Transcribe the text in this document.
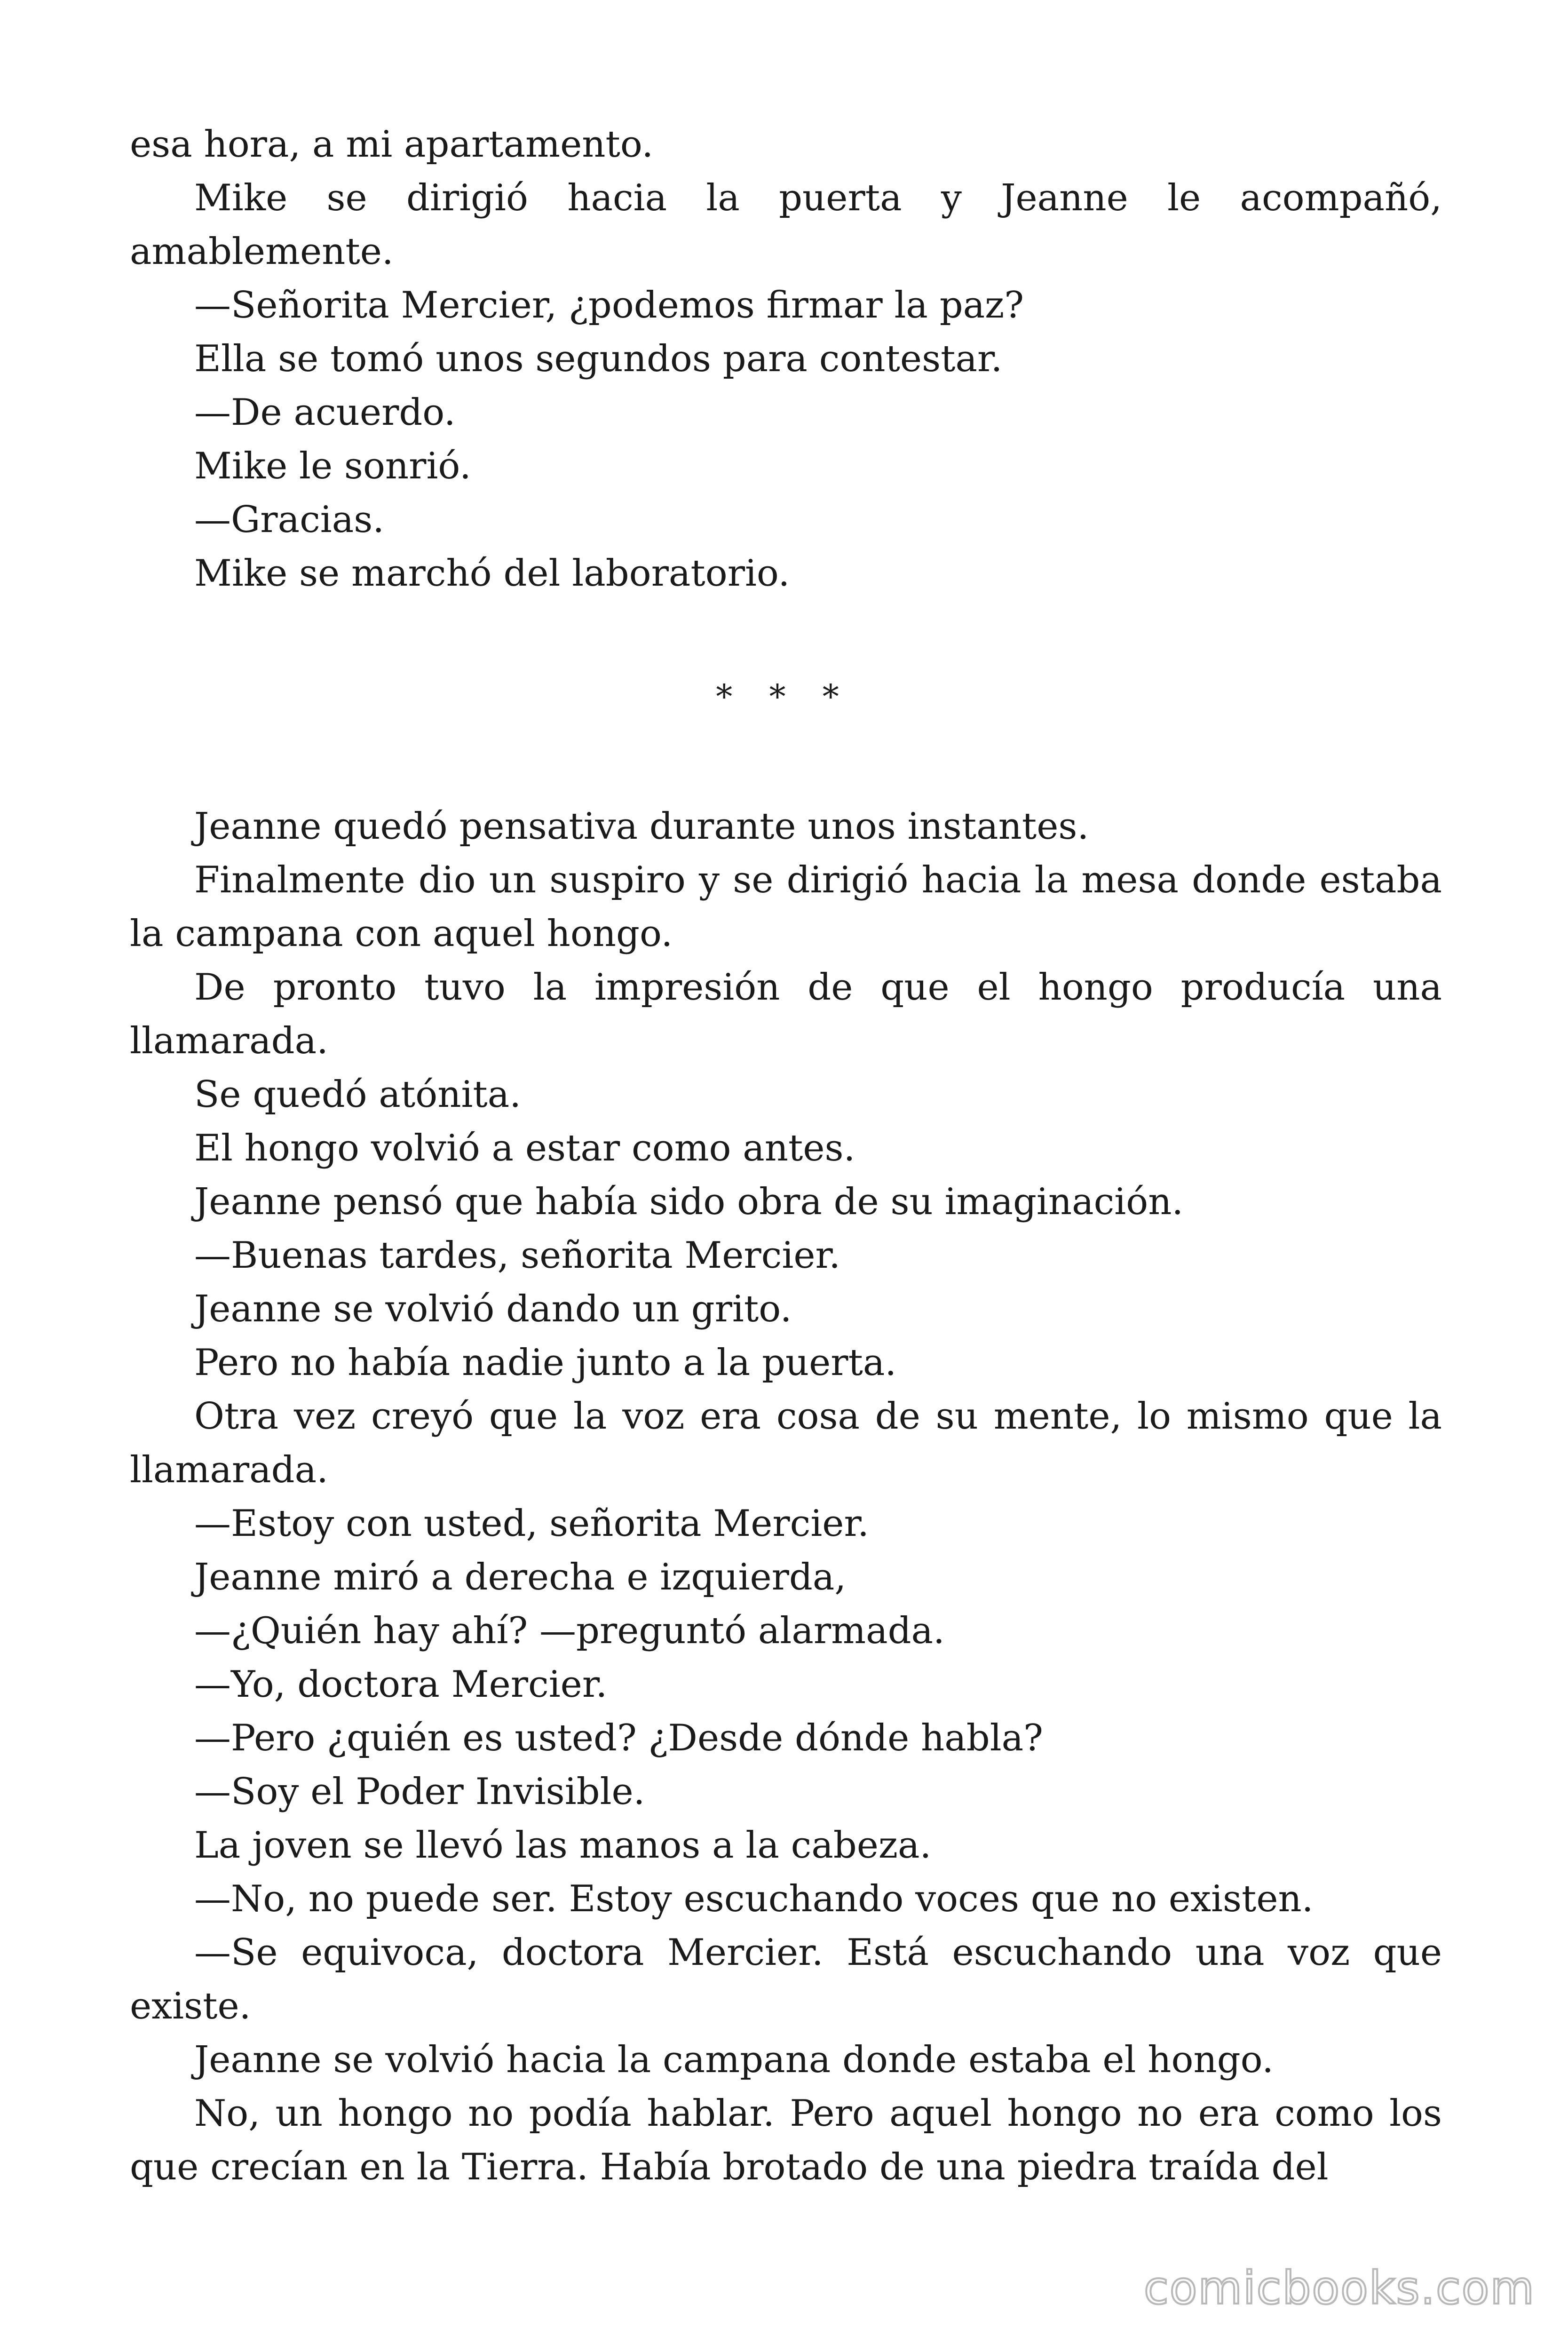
esa hora, a mi apartamento.

Mike se dirigió hacia la puerta y Jeanne le acompañó, amablemente.

—Señorita Mercier, ¿podemos firmar la paz?

Ella se tomó unos segundos para contestar.

—De acuerdo.

Mike le sonrió.

—Gracias.

Mike se marchó del laboratorio.

* * *

Jeanne quedó pensativa durante unos instantes.

Finalmente dio un suspiro y se dirigió hacia la mesa donde estaba la campana con aquel hongo.

De pronto tuvo la impresión de que el hongo producía una llamarada.

Se quedó atónita.

El hongo volvió a estar como antes.

Jeanne pensó que había sido obra de su imaginación.

—Buenas tardes, señorita Mercier.

Jeanne se volvió dando un grito.

Pero no había nadie junto a la puerta.

Otra vez creyó que la voz era cosa de su mente, lo mismo que la llamarada.

—Estoy con usted, señorita Mercier.

Jeanne miró a derecha e izquierda,

—¿Quién hay ahí? —preguntó alarmada.

—Yo, doctora Mercier.

—Pero ¿quién es usted? ¿Desde dónde habla?

—Soy el Poder Invisible.

La joven se llevó las manos a la cabeza.

—No, no puede ser. Estoy escuchando voces que no existen.

—Se equivoca, doctora Mercier. Está escuchando una voz que existe.

Jeanne se volvió hacia la campana donde estaba el hongo.

No, un hongo no podía hablar. Pero aquel hongo no era como los que crecían en la Tierra. Había brotado de una piedra traída del

comicbooks.com
